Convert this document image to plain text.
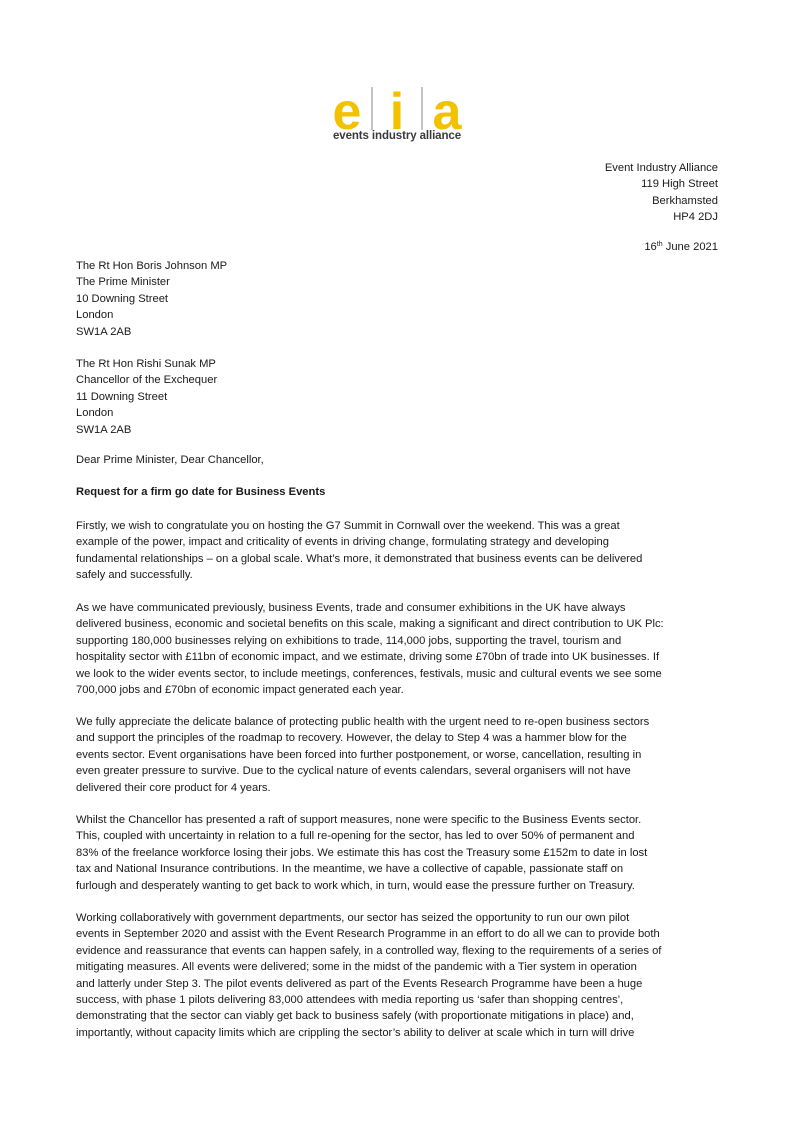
e i a
events industry alliance
Event Industry Alliance
119 High Street
Berkhamsted
HP4 2DJ
16th June 2021
The Rt Hon Boris Johnson MP
The Prime Minister
10 Downing Street
London
SW1A 2AB
The Rt Hon Rishi Sunak MP
Chancellor of the Exchequer
11 Downing Street
London
SW1A 2AB
Dear Prime Minister, Dear Chancellor,
Request for a firm go date for Business Events
Firstly, we wish to congratulate you on hosting the G7 Summit in Cornwall over the weekend. This was a great
example of the power, impact and criticality of events in driving change, formulating strategy and developing
fundamental relationships – on a global scale. What’s more, it demonstrated that business events can be delivered
safely and successfully.
As we have communicated previously, business Events, trade and consumer exhibitions in the UK have always
delivered business, economic and societal benefits on this scale, making a significant and direct contribution to UK Plc:
supporting 180,000 businesses relying on exhibitions to trade, 114,000 jobs, supporting the travel, tourism and
hospitality sector with £11bn of economic impact, and we estimate, driving some £70bn of trade into UK businesses. If
we look to the wider events sector, to include meetings, conferences, festivals, music and cultural events we see some
700,000 jobs and £70bn of economic impact generated each year.
We fully appreciate the delicate balance of protecting public health with the urgent need to re-open business sectors
and support the principles of the roadmap to recovery. However, the delay to Step 4 was a hammer blow for the
events sector. Event organisations have been forced into further postponement, or worse, cancellation, resulting in
even greater pressure to survive. Due to the cyclical nature of events calendars, several organisers will not have
delivered their core product for 4 years.
Whilst the Chancellor has presented a raft of support measures, none were specific to the Business Events sector.
This, coupled with uncertainty in relation to a full re-opening for the sector, has led to over 50% of permanent and
83% of the freelance workforce losing their jobs. We estimate this has cost the Treasury some £152m to date in lost
tax and National Insurance contributions. In the meantime, we have a collective of capable, passionate staff on
furlough and desperately wanting to get back to work which, in turn, would ease the pressure further on Treasury.
Working collaboratively with government departments, our sector has seized the opportunity to run our own pilot
events in September 2020 and assist with the Event Research Programme in an effort to do all we can to provide both
evidence and reassurance that events can happen safely, in a controlled way, flexing to the requirements of a series of
mitigating measures. All events were delivered; some in the midst of the pandemic with a Tier system in operation
and latterly under Step 3. The pilot events delivered as part of the Events Research Programme have been a huge
success, with phase 1 pilots delivering 83,000 attendees with media reporting us ‘safer than shopping centres’,
demonstrating that the sector can viably get back to business safely (with proportionate mitigations in place) and,
importantly, without capacity limits which are crippling the sector’s ability to deliver at scale which in turn will drive
